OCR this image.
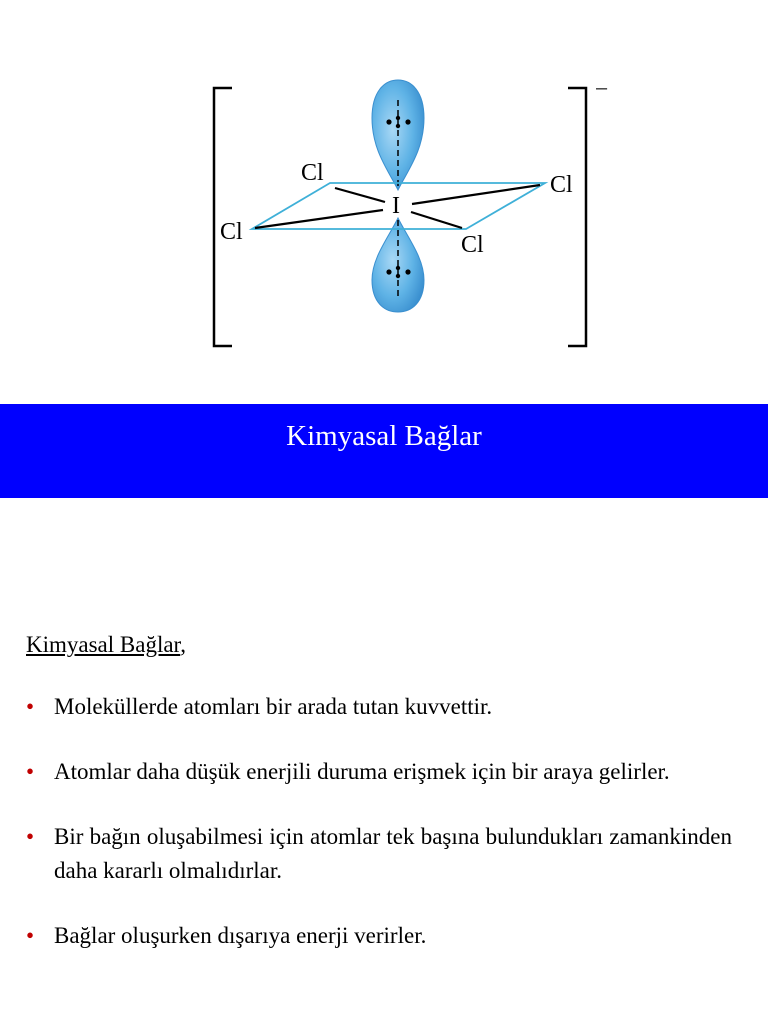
–
Cl
Cl
Cl
Cl
I
Kimyasal Bağlar

Kimyasal Bağlar,

• Moleküllerde atomları bir arada tutan kuvvettir.
• Atomlar daha düşük enerjili duruma erişmek için bir araya gelirler.
• Bir bağın oluşabilmesi için atomlar tek başına bulundukları zamankinden daha kararlı olmalıdırlar.
• Bağlar oluşurken dışarıya enerji verirler.
